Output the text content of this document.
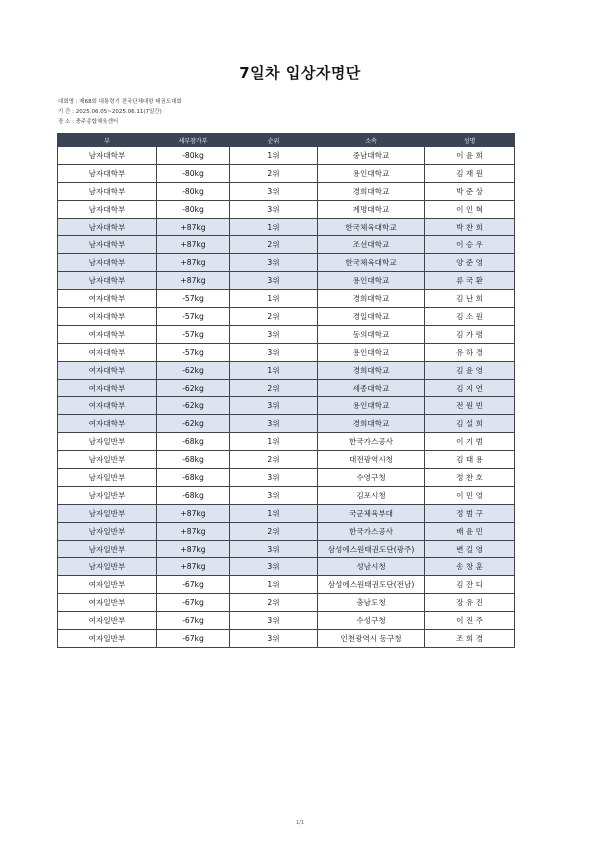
7일차 입상자명단
대회명 : 제68회 대통령기 전국단체대항 태권도대회
기 간 : 2025.06.05~2025.06.11(7일간)
장 소 : 충주종합체육센터
부	세부참가부	순위	소속	성명
남자대학부	-80kg	1위	중남대학교	이 윤 희
남자대학부	-80kg	2위	용인대학교	김 재 원
남자대학부	-80kg	3위	경희대학교	박 준 상
남자대학부	-80kg	3위	계명대학교	이 인 혁
남자대학부	+87kg	1위	한국체육대학교	박 찬 희
남자대학부	+87kg	2위	조선대학교	이 승 우
남자대학부	+87kg	3위	한국체육대학교	양 준 영
남자대학부	+87kg	3위	용인대학교	류 국 환
여자대학부	-57kg	1위	경희대학교	김 난 희
여자대학부	-57kg	2위	경일대학교	김 소 원
여자대학부	-57kg	3위	동의대학교	김 가 령
여자대학부	-57kg	3위	용인대학교	유 하 경
여자대학부	-62kg	1위	경희대학교	김 윤 영
여자대학부	-62kg	2위	세종대학교	김 지 연
여자대학부	-62kg	3위	용인대학교	전 원 빈
여자대학부	-62kg	3위	경희대학교	김 설 희
남자일반부	-68kg	1위	한국가스공사	이 기 범
남자일반부	-68kg	2위	대전광역시청	김 태 용
남자일반부	-68kg	3위	수영구청	정 찬 호
남자일반부	-68kg	3위	김포시청	이 민 영
남자일반부	+87kg	1위	국군체육부대	정 범 구
남자일반부	+87kg	2위	한국가스공사	배 윤 민
남자일반부	+87kg	3위	삼성에스원태권도단(광주)	변 길 영
남자일반부	+87kg	3위	성남시청	송 창 훈
여자일반부	-67kg	1위	삼성에스원태권도단(전남)	김 잔 디
여자일반부	-67kg	2위	충남도청	장 유 진
여자일반부	-67kg	3위	수성구청	이 진 주
여자일반부	-67kg	3위	인천광역시 동구청	조 희 경
1/1
